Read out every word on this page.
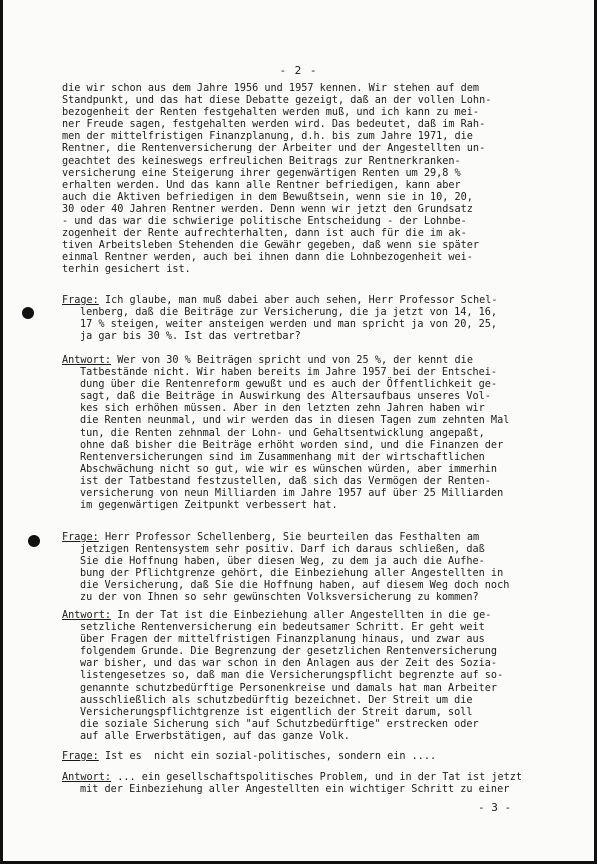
- 2 -
die wir schon aus dem Jahre 1956 und 1957 kennen. Wir stehen auf dem
Standpunkt, und das hat diese Debatte gezeigt, daß an der vollen Lohn-
bezogenheit der Renten festgehalten werden muß, und ich kann zu mei-
ner Freude sagen, festgehalten werden wird. Das bedeutet, daß im Rah-
men der mittelfristigen Finanzplanung, d.h. bis zum Jahre 1971, die
Rentner, die Rentenversicherung der Arbeiter und der Angestellten un-
geachtet des keineswegs erfreulichen Beitrags zur Rentnerkranken-
versicherung eine Steigerung ihrer gegenwärtigen Renten um 29,8 %
erhalten werden. Und das kann alle Rentner befriedigen, kann aber
auch die Aktiven befriedigen in dem Bewußtsein, wenn sie in 10, 20,
30 oder 40 Jahren Rentner werden. Denn wenn wir jetzt den Grundsatz
- und das war die schwierige politische Entscheidung - der Lohnbe-
zogenheit der Rente aufrechterhalten, dann ist auch für die im ak-
tiven Arbeitsleben Stehenden die Gewähr gegeben, daß wenn sie später
einmal Rentner werden, auch bei ihnen dann die Lohnbezogenheit wei-
terhin gesichert ist.
Frage: Ich glaube, man muß dabei aber auch sehen, Herr Professor Schel-
lenberg, daß die Beiträge zur Versicherung, die ja jetzt von 14, 16,
17 % steigen, weiter ansteigen werden und man spricht ja von 20, 25,
ja gar bis 30 %. Ist das vertretbar?
Antwort: Wer von 30 % Beiträgen spricht und von 25 %, der kennt die
Tatbestände nicht. Wir haben bereits im Jahre 1957 bei der Entschei-
dung über die Rentenreform gewußt und es auch der Öffentlichkeit ge-
sagt, daß die Beiträge in Auswirkung des Altersaufbaus unseres Vol-
kes sich erhöhen müssen. Aber in den letzten zehn Jahren haben wir
die Renten neunmal, und wir werden das in diesen Tagen zum zehnten Mal
tun, die Renten zehnmal der Lohn- und Gehaltsentwicklung angepaßt,
ohne daß bisher die Beiträge erhöht worden sind, und die Finanzen der
Rentenversicherungen sind im Zusammenhang mit der wirtschaftlichen
Abschwächung nicht so gut, wie wir es wünschen würden, aber immerhin
ist der Tatbestand festzustellen, daß sich das Vermögen der Renten-
versicherung von neun Milliarden im Jahre 1957 auf über 25 Milliarden
im gegenwärtigen Zeitpunkt verbessert hat.
Frage: Herr Professor Schellenberg, Sie beurteilen das Festhalten am
jetzigen Rentensystem sehr positiv. Darf ich daraus schließen, daß
Sie die Hoffnung haben, über diesen Weg, zu dem ja auch die Aufhe-
bung der Pflichtgrenze gehört, die Einbeziehung aller Angestellten in
die Versicherung, daß Sie die Hoffnung haben, auf diesem Weg doch noch
zu der von Ihnen so sehr gewünschten Volksversicherung zu kommen?
Antwort: In der Tat ist die Einbeziehung aller Angestellten in die ge-
setzliche Rentenversicherung ein bedeutsamer Schritt. Er geht weit
über Fragen der mittelfristigen Finanzplanung hinaus, und zwar aus
folgendem Grunde. Die Begrenzung der gesetzlichen Rentenversicherung
war bisher, und das war schon in den Anlagen aus der Zeit des Sozia-
listengesetzes so, daß man die Versicherungspflicht begrenzte auf so-
genannte schutzbedürftige Personenkreise und damals hat man Arbeiter
ausschließlich als schutzbedürftig bezeichnet. Der Streit um die
Versicherungspflichtgrenze ist eigentlich der Streit darum, soll
die soziale Sicherung sich "auf Schutzbedürftige" erstrecken oder
auf alle Erwerbstätigen, auf das ganze Volk.
Frage: Ist es  nicht ein sozial-politisches, sondern ein ....
Antwort: ... ein gesellschaftspolitisches Problem, und in der Tat ist jetzt
mit der Einbeziehung aller Angestellten ein wichtiger Schritt zu einer
- 3 -
